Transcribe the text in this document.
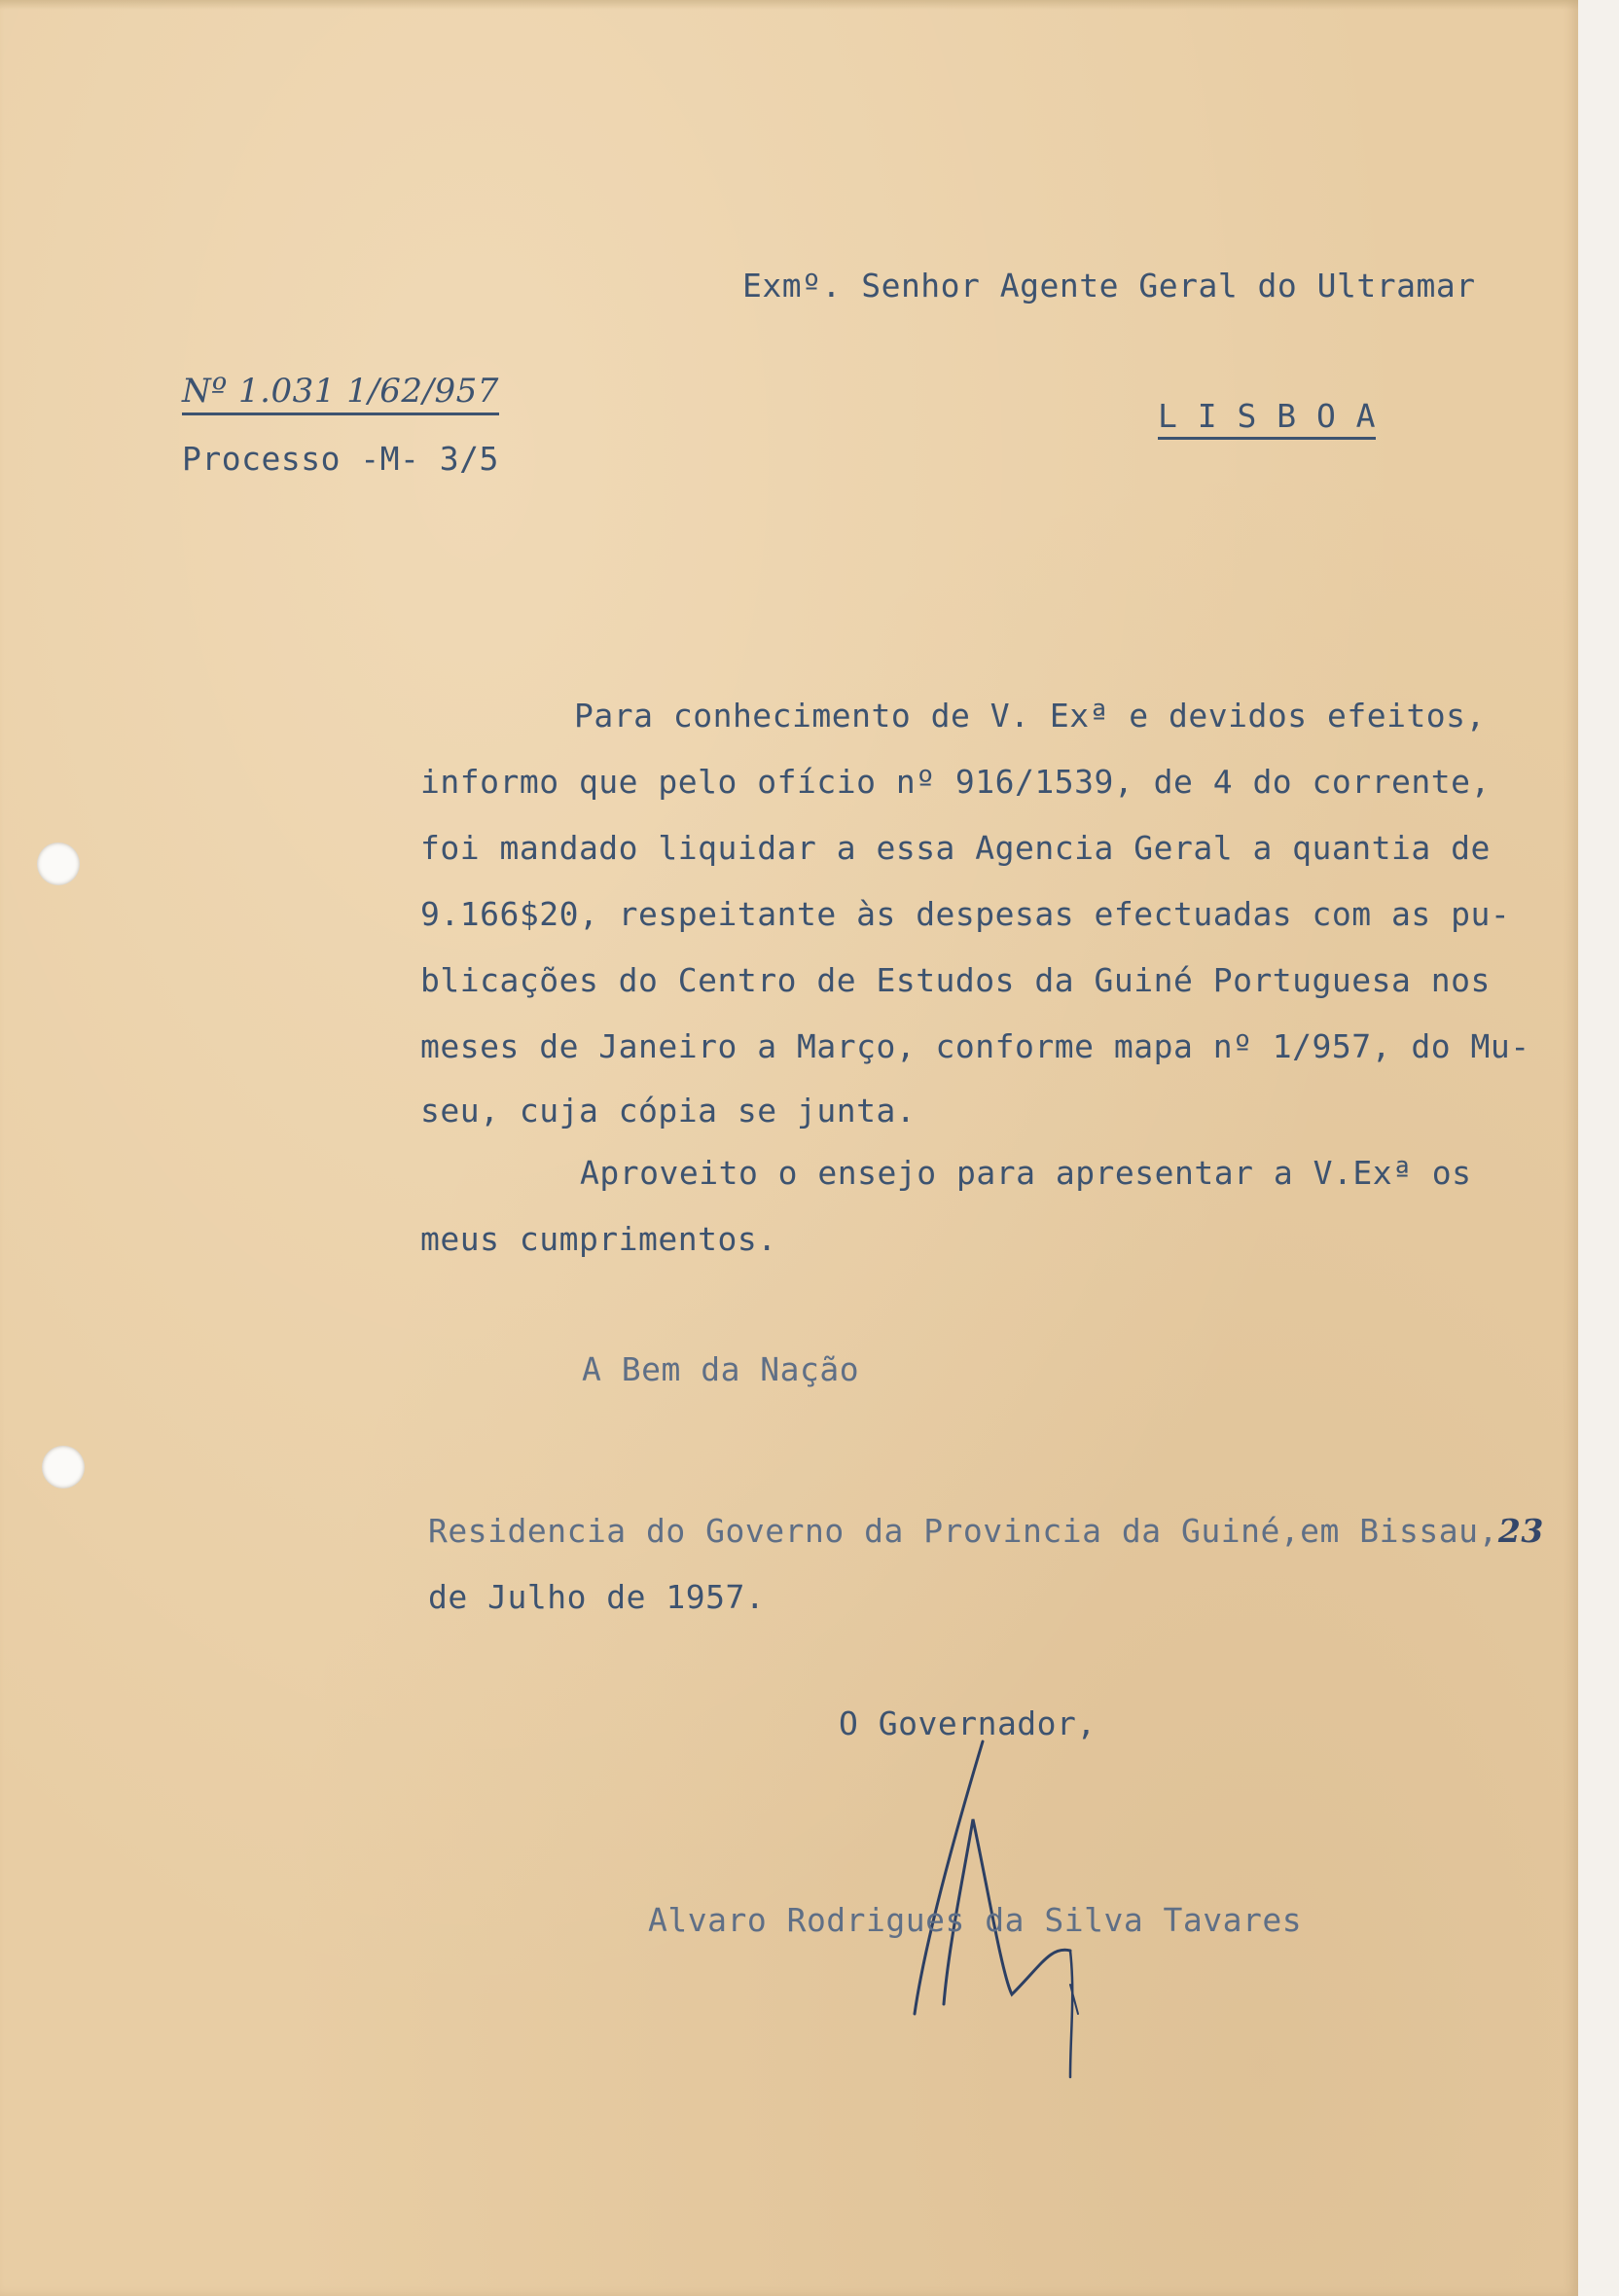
Exmº. Senhor Agente Geral do Ultramar
Nº 1.031 1/62/957
L I S B O A
Processo -M- 3/5
Para conhecimento de V. Exª e devidos efeitos,
informo que pelo ofício nº 916/1539, de 4 do corrente,
foi mandado liquidar a essa Agencia Geral a quantia de
9.166$20, respeitante às despesas efectuadas com as pu-
blicações do Centro de Estudos da Guiné Portuguesa nos
meses de Janeiro a Março, conforme mapa nº 1/957, do Mu-
seu, cuja cópia se junta.
Aproveito o ensejo para apresentar a V.Exª os
meus cumprimentos.
A Bem da Nação
Residencia do Governo da Provincia da Guiné,em Bissau,23
de Julho de 1957.
O Governador,
Alvaro Rodrigues da Silva Tavares
